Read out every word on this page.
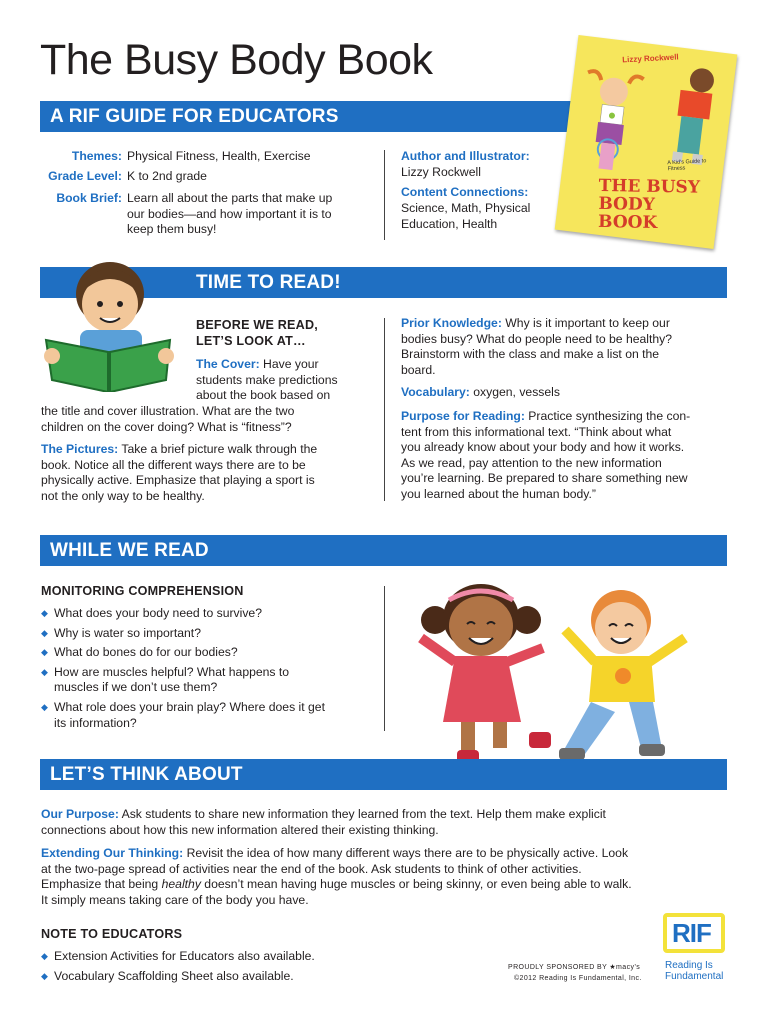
The Busy Body Book
A RIF GUIDE FOR EDUCATORS
Lizzy Rockwell
A Kid’s Guide to Fitness
THE BUSY
BODY BOOK
Themes: Physical Fitness, Health, Exercise
Grade Level: K to 2nd grade
Book Brief: Learn all about the parts that make up
our bodies—and how important it is to
keep them busy!
Author and Illustrator:
Lizzy Rockwell
Content Connections:
Science, Math, Physical
Education, Health
TIME TO READ!
BEFORE WE READ,
LET’S LOOK AT…
The Cover: Have your
students make predictions
about the book based on
the title and cover illustration. What are the two
children on the cover doing? What is “fitness”?
The Pictures: Take a brief picture walk through the
book. Notice all the different ways there are to be
physically active. Emphasize that playing a sport is
not the only way to be healthy.
Prior Knowledge: Why is it important to keep our
bodies busy? What do people need to be healthy?
Brainstorm with the class and make a list on the
board.
Vocabulary: oxygen, vessels
Purpose for Reading: Practice synthesizing the con-
tent from this informational text. “Think about what
you already know about your body and how it works.
As we read, pay attention to the new information
you’re learning. Be prepared to share something new
you learned about the human body.”
WHILE WE READ
MONITORING COMPREHENSION
◆ What does your body need to survive?
◆ Why is water so important?
◆ What do bones do for our bodies?
◆ How are muscles helpful? What happens to
muscles if we don’t use them?
◆ What role does your brain play? Where does it get
its information?
LET’S THINK ABOUT
Our Purpose: Ask students to share new information they learned from the text. Help them make explicit
connections about how this new information altered their existing thinking.
Extending Our Thinking: Revisit the idea of how many different ways there are to be physically active. Look
at the two-page spread of activities near the end of the book. Ask students to think of other activities.
Emphasize that being healthy doesn’t mean having huge muscles or being skinny, or even being able to walk.
It simply means taking care of the body you have.
NOTE TO EDUCATORS
◆ Extension Activities for Educators also available.
◆ Vocabulary Scaffolding Sheet also available.
PROUDLY SPONSORED BY ★macy’s
©2012 Reading Is Fundamental, Inc.
RIF
Reading Is
Fundamental
